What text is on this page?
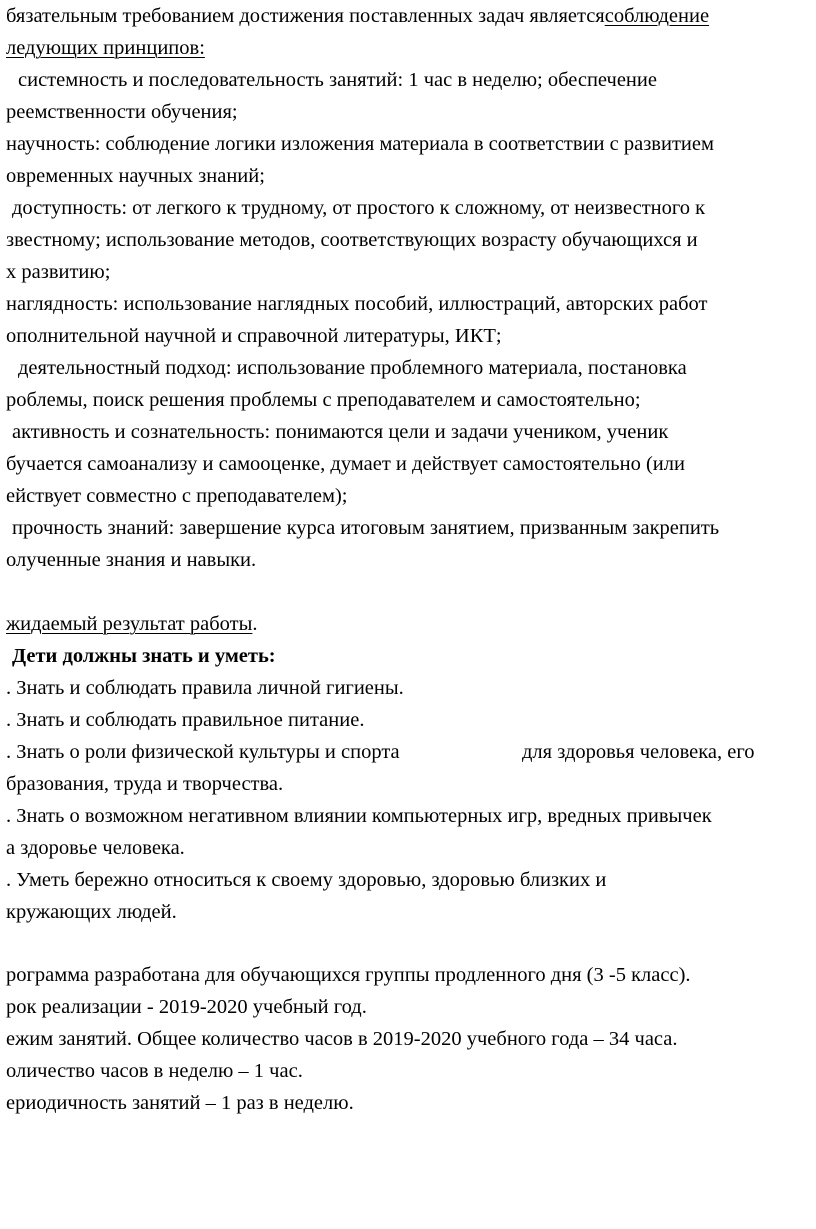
бязательным требованием достижения поставленных задач являетсясоблюдение
ледующих принципов:
системность и последовательность занятий: 1 час в неделю; обеспечение
реемственности обучения;
научность: соблюдение логики изложения материала в соответствии с развитием
овременных научных знаний;
доступность: от легкого к трудному, от простого к сложному, от неизвестного к
звестному; использование методов, соответствующих возрасту обучающихся и
х развитию;
наглядность: использование наглядных пособий, иллюстраций, авторских работ
ополнительной научной и справочной литературы, ИКТ;
деятельностный подход: использование проблемного материала, постановка
роблемы, поиск решения проблемы с преподавателем и самостоятельно;
активность и сознательность: понимаются цели и задачи учеником, ученик
бучается самоанализу и самооценке, думает и действует самостоятельно (или
ействует совместно с преподавателем);
прочность знаний: завершение курса итоговым занятием, призванным закрепить
олученные знания и навыки.
жидаемый результат работы.
Дети должны знать и уметь:
. Знать и соблюдать правила личной гигиены.
. Знать и соблюдать правильное питание.
. Знать о роли физической культуры и спорта	для здоровья человека, его
бразования, труда и творчества.
. Знать о возможном негативном влиянии компьютерных игр, вредных привычек
а здоровье человека.
. Уметь бережно относиться к своему здоровью, здоровью близких и
кружающих людей.
рограмма разработана для обучающихся группы продленного дня (3 -5 класс).
рок реализации - 2019-2020 учебный год.
ежим занятий. Общее количество часов в 2019-2020 учебного года – 34 часа.
оличество часов в неделю – 1 час.
ериодичность занятий – 1 раз в неделю.
